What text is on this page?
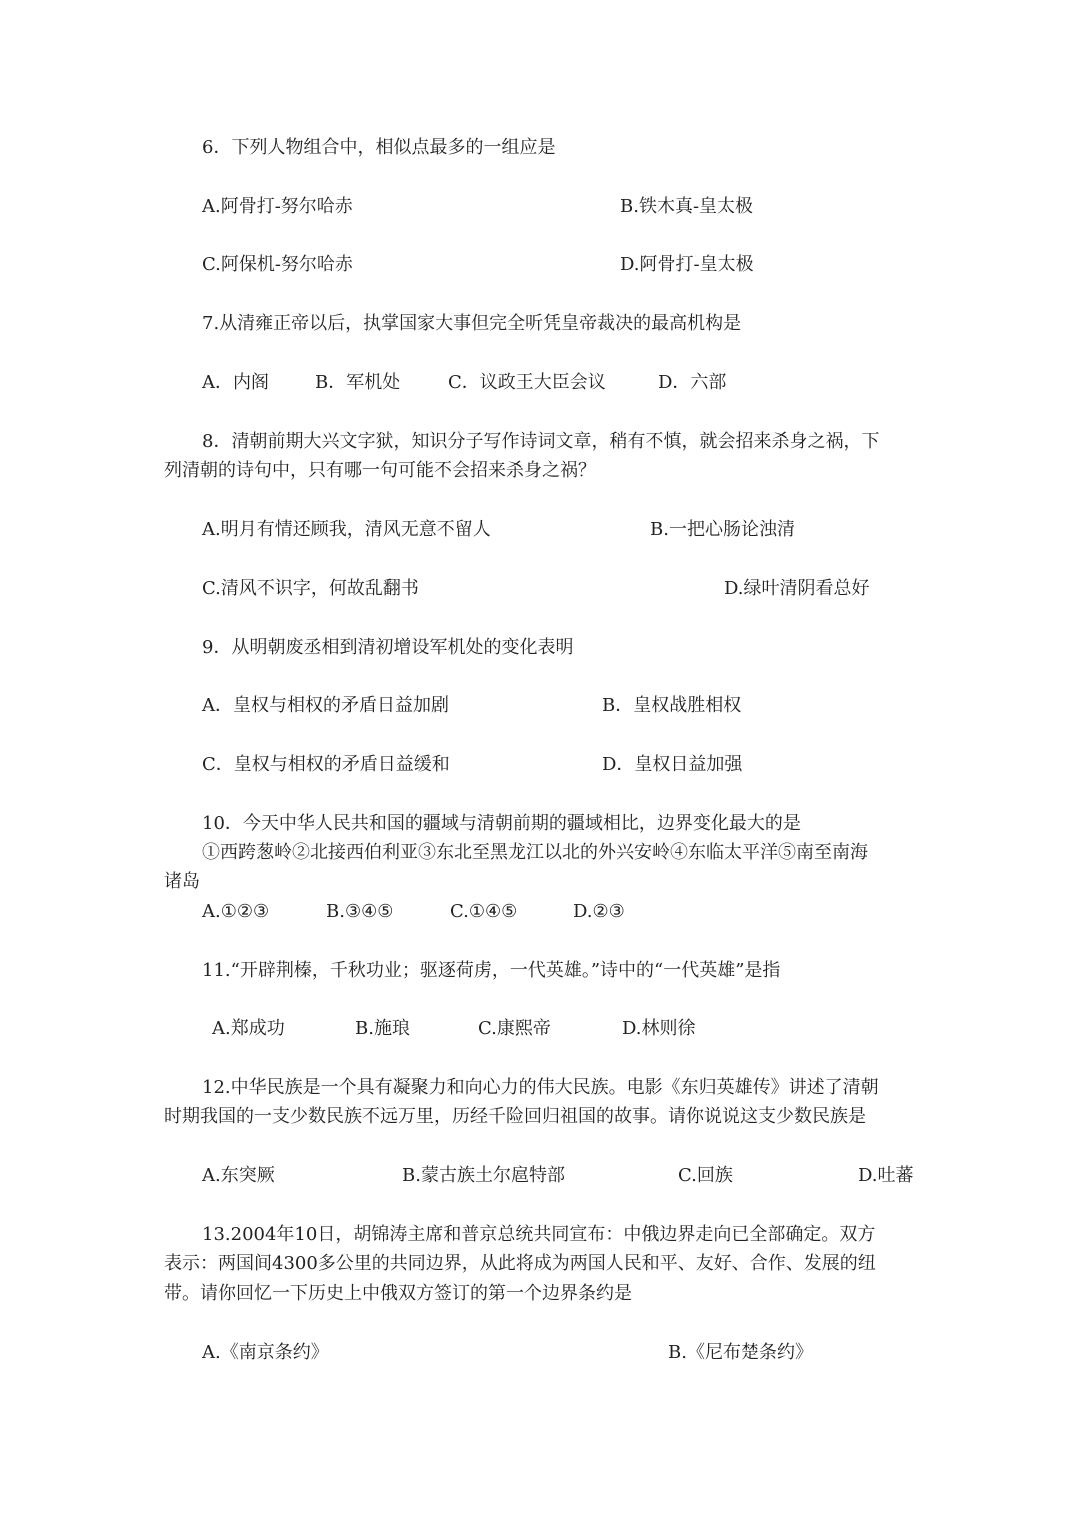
6．下列人物组合中，相似点最多的一组应是
A.阿骨打-努尔哈赤	B.铁木真-皇太极
C.阿保机-努尔哈赤	D.阿骨打-皇太极
7.从清雍正帝以后，执掌国家大事但完全听凭皇帝裁决的最高机构是
A．内阁	B．军机处	C．议政王大臣会议	D．六部
8．清朝前期大兴文字狱，知识分子写作诗词文章，稍有不慎，就会招来杀身之祸，下
列清朝的诗句中，只有哪一句可能不会招来杀身之祸？
A.明月有情还顾我，清风无意不留人	B.一把心肠论浊清
C.清风不识字，何故乱翻书	D.绿叶清阴看总好
9．从明朝废丞相到清初增设军机处的变化表明
A．皇权与相权的矛盾日益加剧	B．皇权战胜相权
C．皇权与相权的矛盾日益缓和	D．皇权日益加强
10．今天中华人民共和国的疆域与清朝前期的疆域相比，边界变化最大的是
①西跨葱岭②北接西伯利亚③东北至黑龙江以北的外兴安岭④东临太平洋⑤南至南海
诸岛
A.①②③	B.③④⑤	C.①④⑤	D.②③
11.“开辟荆榛，千秋功业；驱逐荷虏，一代英雄。”诗中的“一代英雄”是指
A.郑成功	B.施琅	C.康熙帝	D.林则徐
12.中华民族是一个具有凝聚力和向心力的伟大民族。电影《东归英雄传》讲述了清朝
时期我国的一支少数民族不远万里，历经千险回归祖国的故事。请你说说这支少数民族是
A.东突厥	B.蒙古族土尔扈特部	C.回族	D.吐蕃
13.2004年10日，胡锦涛主席和普京总统共同宣布：中俄边界走向已全部确定。双方
表示：两国间4300多公里的共同边界，从此将成为两国人民和平、友好、合作、发展的纽
带。请你回忆一下历史上中俄双方签订的第一个边界条约是
A.《南京条约》	B.《尼布楚条约》
